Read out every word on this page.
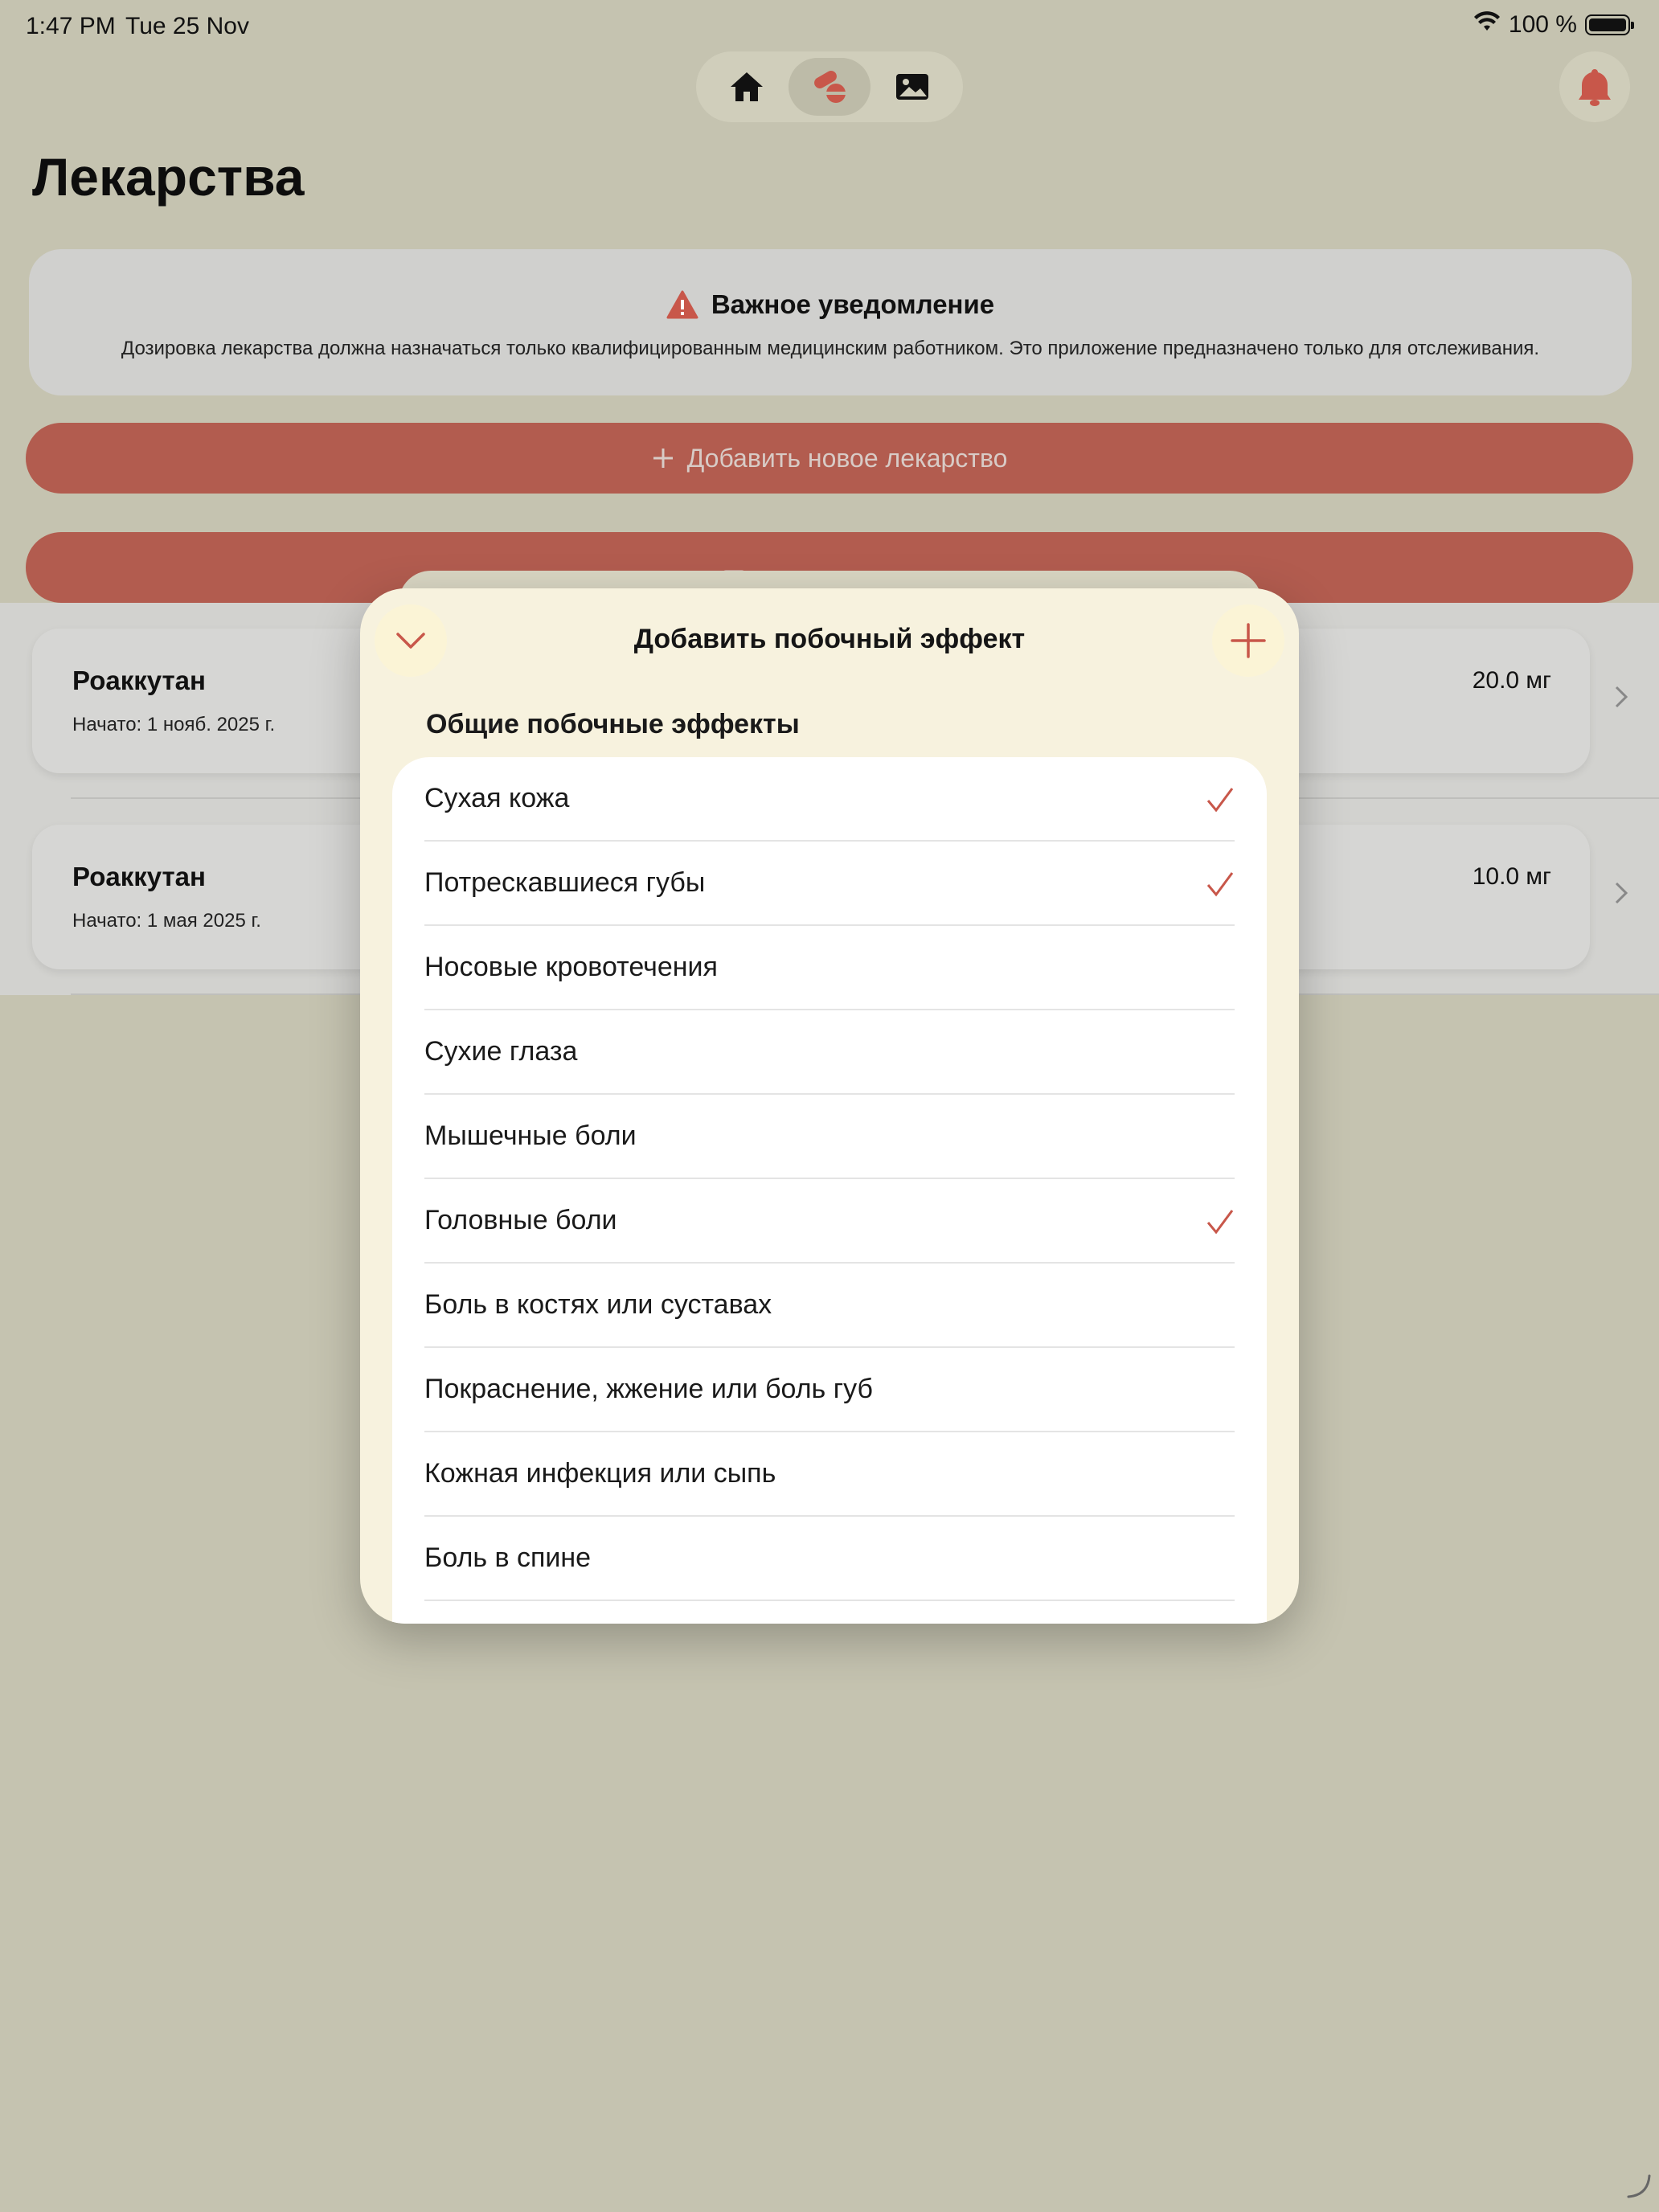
1:47 PM Tue 25 Nov	100 %
Лекарства
Важное уведомление
Дозировка лекарства должна назначаться только квалифицированным медицинским работником. Это приложение предназначено только для отслеживания.
Добавить новое лекарство
Роаккутан
Начато: 1 нояб. 2025 г.
20.0 мг
Роаккутан
Начато: 1 мая 2025 г.
10.0 мг
Добавить побочный эффект
Общие побочные эффекты
Сухая кожа
Потрескавшиеся губы
Носовые кровотечения
Сухие глаза
Мышечные боли
Головные боли
Боль в костях или суставах
Покраснение, жжение или боль губ
Кожная инфекция или сыпь
Боль в спине
